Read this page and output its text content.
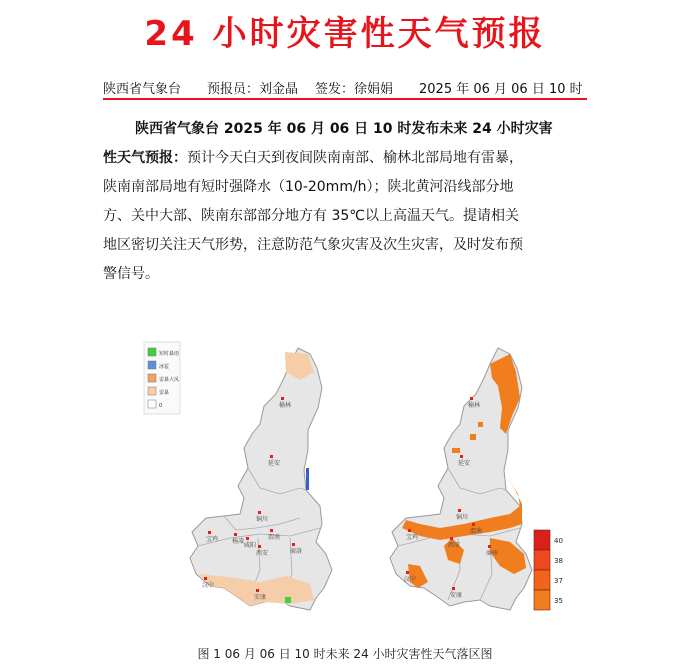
24 小时灾害性天气预报
陕西省气象台 预报员：刘金晶 签发：徐娟娟 2025 年 06 月 06 日 10 时
陕西省气象台 2025 年 06 月 06 日 10 时发布未来 24 小时灾害
性天气预报：预计今天白天到夜间陕南南部、榆林北部局地有雷暴，
陕南南部局地有短时强降水（10-20mm/h）；陕北黄河沿线部分地
方、关中大部、陕南东部部分地方有 35℃以上高温天气。提请相关
地区密切关注天气形势，注意防范气象灾害及次生灾害，及时发布预
警信号。
短时暴雨
冰雹
雷暴大风
雷暴
0	榆林
延安
铜川
渭南
宝鸡 杨凌
咸阳
西安	商洛
汉中
安康
40
38
37
35
榆林
延安
铜川
渭南
宝鸡
西安
商州
汉中
安康
图 1 06 月 06 日 10 时未来 24 小时灾害性天气落区图
